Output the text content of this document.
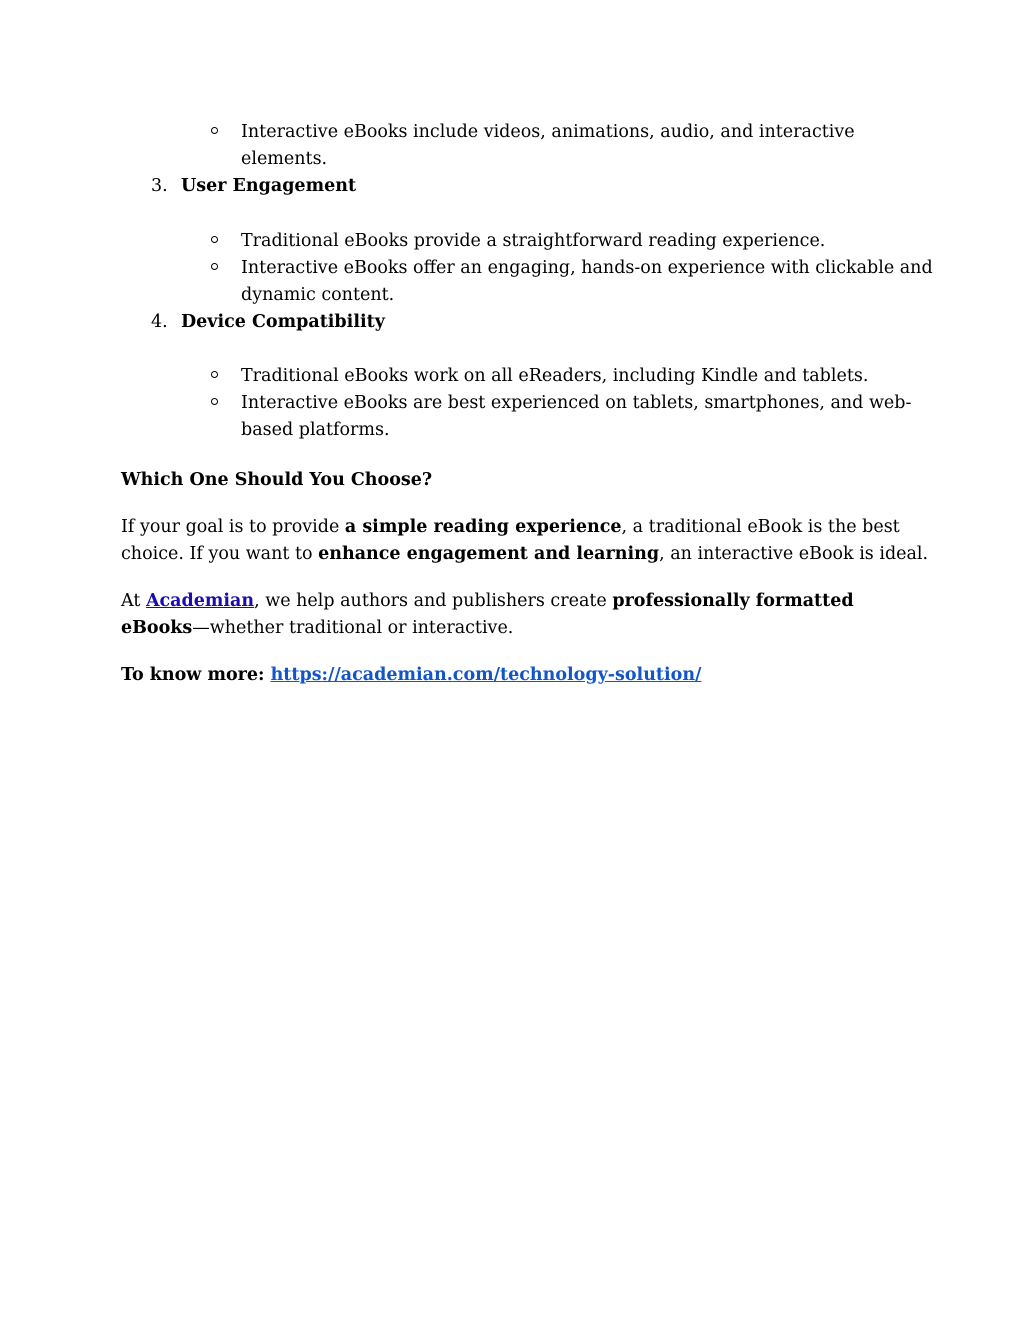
Interactive eBooks include videos, animations, audio, and interactive
elements.
3. User Engagement
Traditional eBooks provide a straightforward reading experience.
Interactive eBooks offer an engaging, hands-on experience with clickable and
dynamic content.
4. Device Compatibility
Traditional eBooks work on all eReaders, including Kindle and tablets.
Interactive eBooks are best experienced on tablets, smartphones, and web-
based platforms.
Which One Should You Choose?
If your goal is to provide a simple reading experience, a traditional eBook is the best
choice. If you want to enhance engagement and learning, an interactive eBook is ideal.
At Academian, we help authors and publishers create professionally formatted
eBooks—whether traditional or interactive.
To know more: https://academian.com/technology-solution/
